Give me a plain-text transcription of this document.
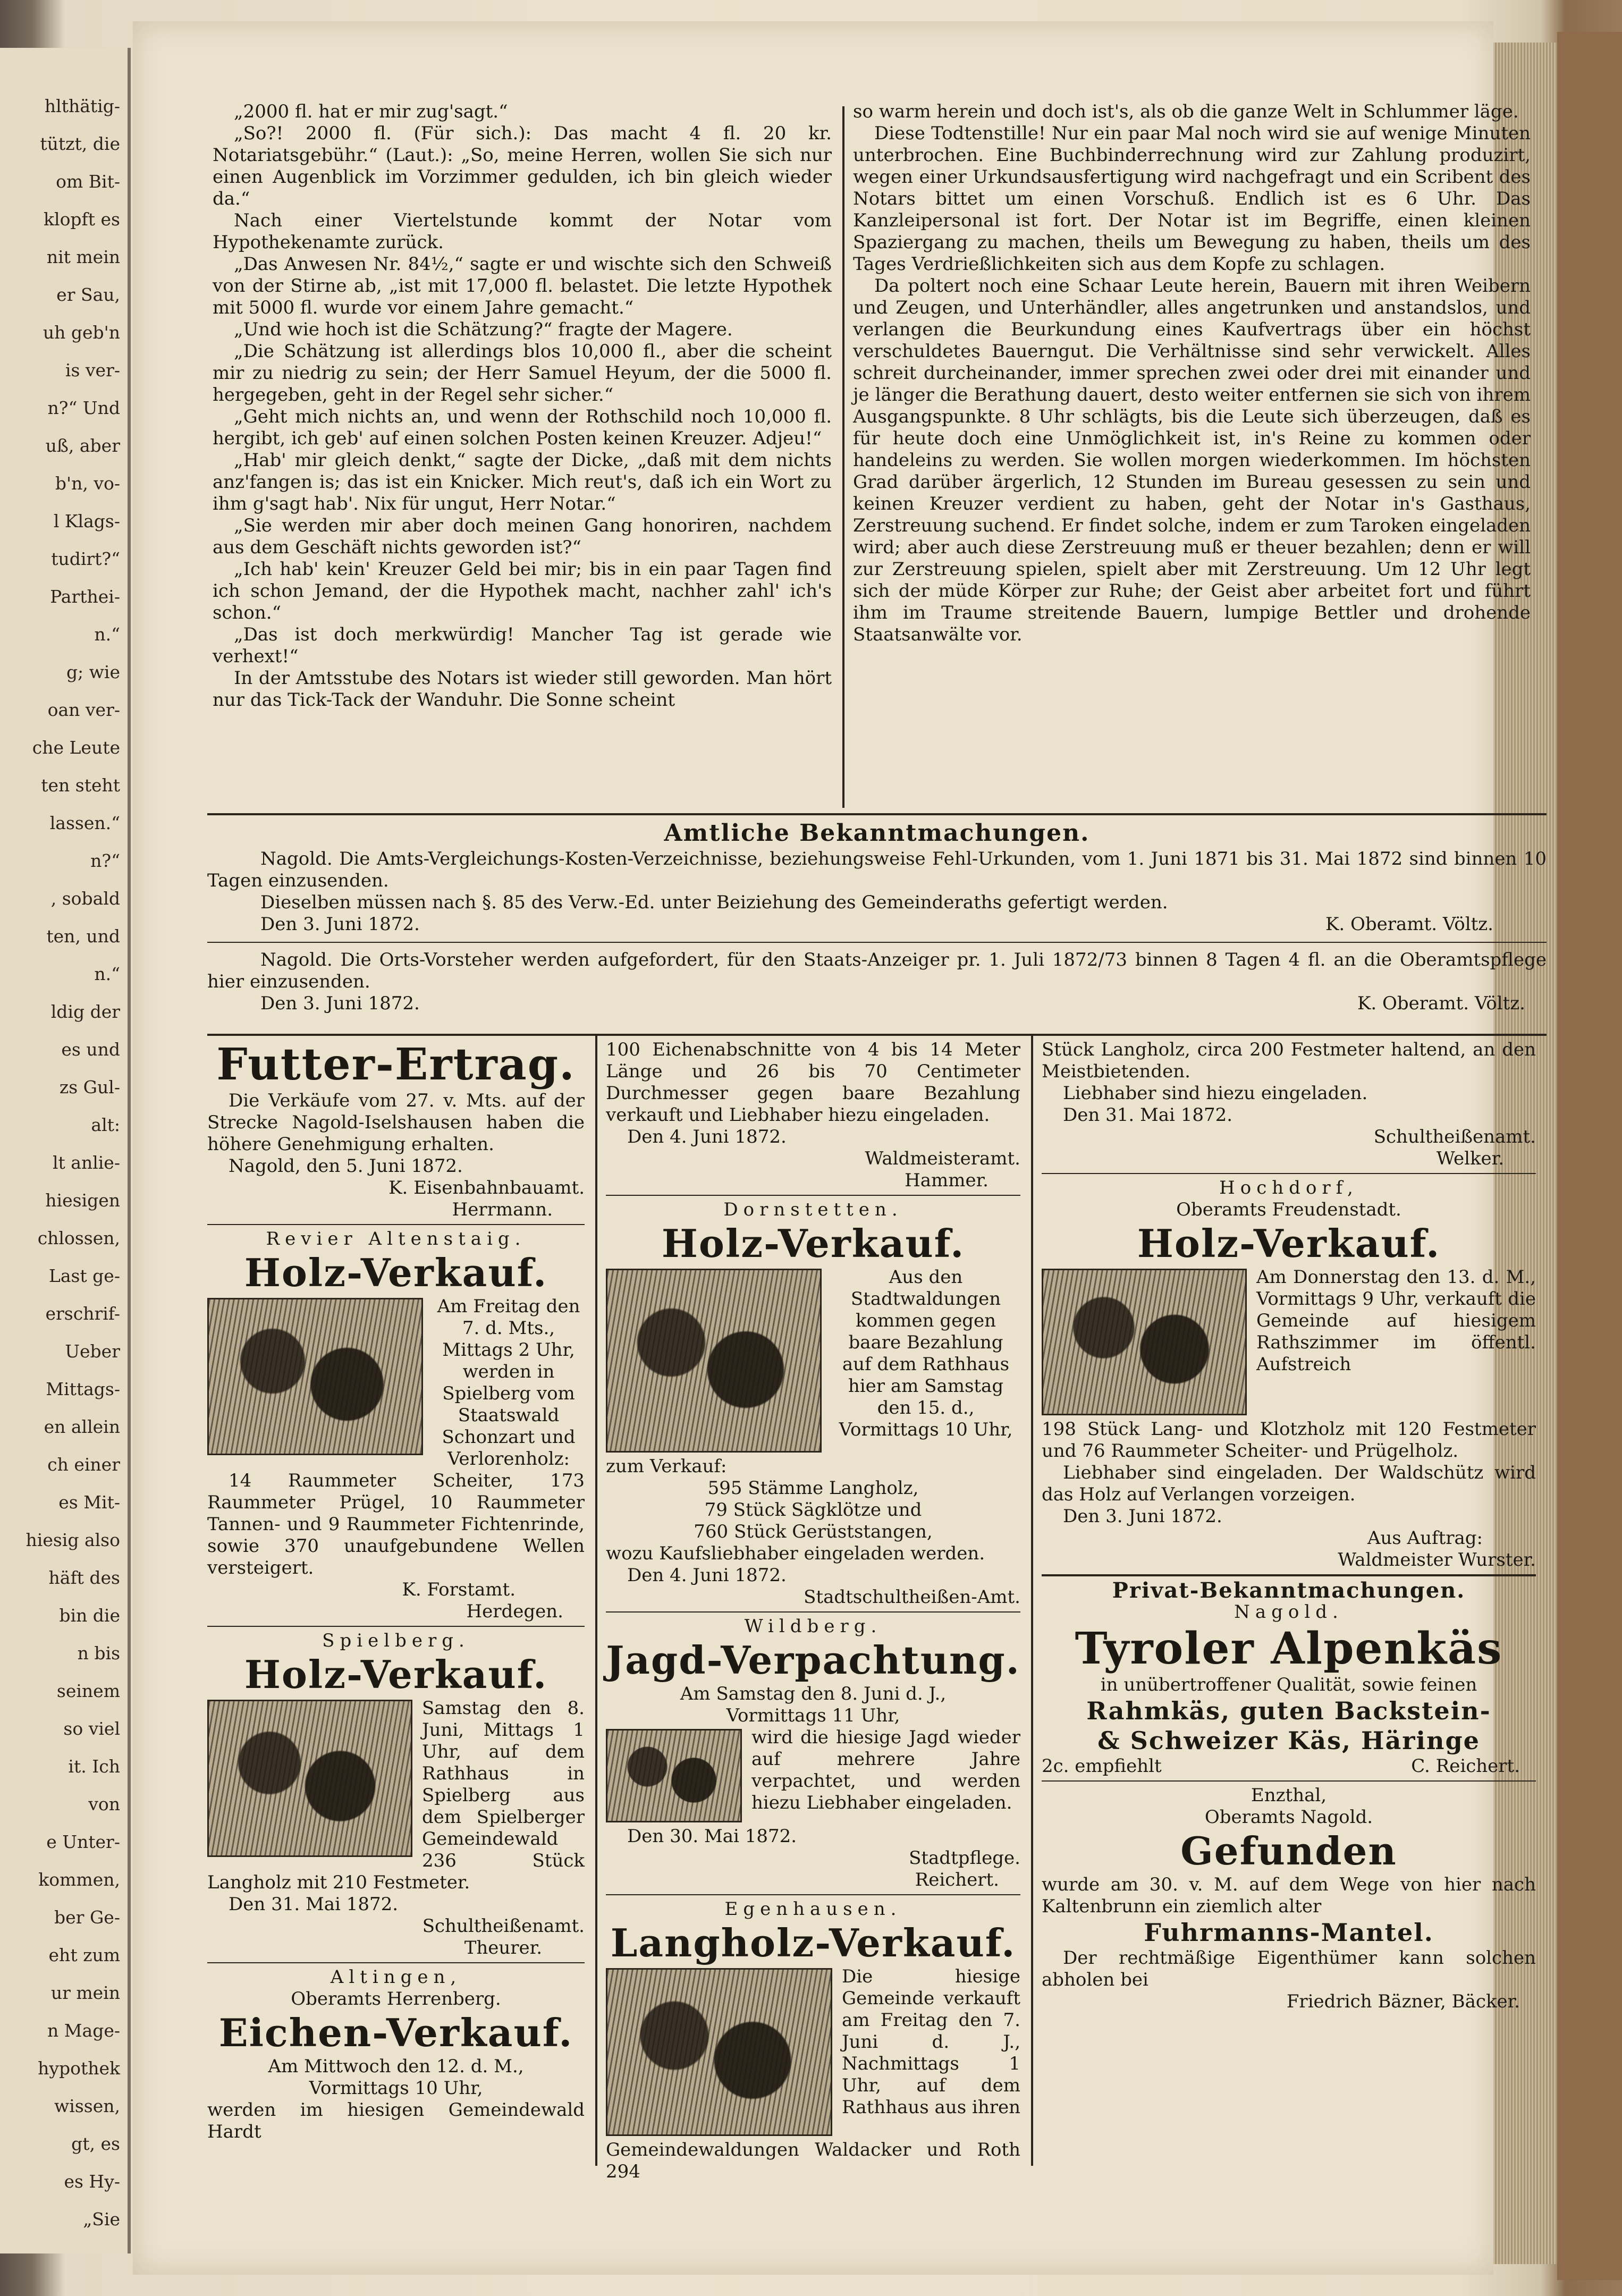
hlthätig-
tützt, die
om Bit-
klopft es
nit mein
er Sau,
uh geb'n
is ver-
n?“ Und
uß, aber
b'n, vo-
l Klags-
tudirt?“
Parthei-
n.“
g; wie
oan ver-
che Leute
ten steht
lassen.“
n?“
, sobald
ten, und
n.“
ldig der
es und
zs Gul-
alt:
lt anlie-
hiesigen
chlossen,
Last ge-
erschrif-
Ueber
Mittags-
en allein
ch einer
es Mit-
hiesig also
häft des
bin die
n bis
seinem
so viel
it. Ich
von
e Unter-
kommen,
ber Ge-
eht zum
ur mein
n Mage-
hypothek
wissen,
gt, es
es Hy-
„Sie

„2000 fl. hat er mir zug'sagt.“

„So?! 2000 fl. (Für sich.): Das macht 4 fl. 20 kr. Notariatsgebühr.“ (Laut.): „So, meine Herren, wollen Sie sich nur einen Augenblick im Vorzimmer gedulden, ich bin gleich wieder da.“

Nach einer Viertelstunde kommt der Notar vom Hypothekenamte zurück.

„Das Anwesen Nr. 84½,“ sagte er und wischte sich den Schweiß von der Stirne ab, „ist mit 17,000 fl. belastet. Die letzte Hypothek mit 5000 fl. wurde vor einem Jahre gemacht.“

„Und wie hoch ist die Schätzung?“ fragte der Magere.

„Die Schätzung ist allerdings blos 10,000 fl., aber die scheint mir zu niedrig zu sein; der Herr Samuel Heyum, der die 5000 fl. hergegeben, geht in der Regel sehr sicher.“

„Geht mich nichts an, und wenn der Rothschild noch 10,000 fl. hergibt, ich geb' auf einen solchen Posten keinen Kreuzer. Adjeu!“

„Hab' mir gleich denkt,“ sagte der Dicke, „daß mit dem nichts anz'fangen is; das ist ein Knicker. Mich reut's, daß ich ein Wort zu ihm g'sagt hab'. Nix für ungut, Herr Notar.“

„Sie werden mir aber doch meinen Gang honoriren, nachdem aus dem Geschäft nichts geworden ist?“

„Ich hab' kein' Kreuzer Geld bei mir; bis in ein paar Tagen find ich schon Jemand, der die Hypothek macht, nachher zahl' ich's schon.“

„Das ist doch merkwürdig! Mancher Tag ist gerade wie verhext!“

In der Amtsstube des Notars ist wieder still geworden. Man hört nur das Tick-Tack der Wanduhr. Die Sonne scheint

so warm herein und doch ist's, als ob die ganze Welt in Schlummer läge.

Diese Todtenstille! Nur ein paar Mal noch wird sie auf wenige Minuten unterbrochen. Eine Buchbinderrechnung wird zur Zahlung produzirt, wegen einer Urkundsausfertigung wird nachgefragt und ein Scribent des Notars bittet um einen Vorschuß. Endlich ist es 6 Uhr. Das Kanzleipersonal ist fort. Der Notar ist im Begriffe, einen kleinen Spaziergang zu machen, theils um Bewegung zu haben, theils um des Tages Verdrießlichkeiten sich aus dem Kopfe zu schlagen.

Da poltert noch eine Schaar Leute herein, Bauern mit ihren Weibern und Zeugen, und Unterhändler, alles angetrunken und anstandslos, und verlangen die Beurkundung eines Kaufvertrags über ein höchst verschuldetes Bauerngut. Die Verhältnisse sind sehr verwickelt. Alles schreit durcheinander, immer sprechen zwei oder drei mit einander und je länger die Berathung dauert, desto weiter entfernen sie sich von ihrem Ausgangspunkte. 8 Uhr schlägts, bis die Leute sich überzeugen, daß es für heute doch eine Unmöglichkeit ist, in's Reine zu kommen oder handeleins zu werden. Sie wollen morgen wiederkommen. Im höchsten Grad darüber ärgerlich, 12 Stunden im Bureau gesessen zu sein und keinen Kreuzer verdient zu haben, geht der Notar in's Gasthaus, Zerstreuung suchend. Er findet solche, indem er zum Taroken eingeladen wird; aber auch diese Zerstreuung muß er theuer bezahlen; denn er will zur Zerstreuung spielen, spielt aber mit Zerstreuung. Um 12 Uhr legt sich der müde Körper zur Ruhe; der Geist aber arbeitet fort und führt ihm im Traume streitende Bauern, lumpige Bettler und drohende Staatsanwälte vor.

Amtliche Bekanntmachungen.

Nagold. Die Amts-Vergleichungs-Kosten-Verzeichnisse, beziehungsweise Fehl-Urkunden, vom 1. Juni 1871 bis 31. Mai 1872 sind binnen 10 Tagen einzusenden.

Dieselben müssen nach §. 85 des Verw.-Ed. unter Beiziehung des Gemeinderaths gefertigt werden.

K. Oberamt. Völtz.
Den 3. Juni 1872.

Nagold. Die Orts-Vorsteher werden aufgefordert, für den Staats-Anzeiger pr. 1. Juli 1872/73 binnen 8 Tagen 4 fl. an die Oberamtspflege hier einzusenden.

Den 3. Juni 1872.	K. Oberamt. Völtz.
Futter-Ertrag.

Die Verkäufe vom 27. v. Mts. auf der Strecke Nagold-Iselshausen haben die höhere Genehmigung erhalten.

Nagold, den 5. Juni 1872.

K. Eisenbahnbauamt.
Herrmann.
Revier Altenstaig.
Holz-Verkauf.

Am Freitag den 7. d. Mts., Mittags 2 Uhr, werden in Spielberg vom Staatswald Schonzart und Verlorenholz:

14 Raummeter Scheiter, 173 Raummeter Prügel, 10 Raummeter Tannen- und 9 Raummeter Fichtenrinde, sowie 370 unaufgebundene Wellen versteigert.

K. Forstamt.
Herdegen.
Spielberg.
Holz-Verkauf.

Samstag den 8. Juni, Mittags 1 Uhr, auf dem Rathhaus in Spielberg aus dem Spielberger Gemeindewald 236 Stück Langholz mit 210 Festmeter.

Den 31. Mai 1872.

Schultheißenamt.
Theurer.
Altingen,
Oberamts Herrenberg.
Eichen-Verkauf.
Am Mittwoch den 12. d. M.,
Vormittags 10 Uhr,
werden im hiesigen Gemeindewald Hardt

100 Eichenabschnitte von 4 bis 14 Meter Länge und 26 bis 70 Centimeter Durchmesser gegen baare Bezahlung verkauft und Liebhaber hiezu eingeladen.

Den 4. Juni 1872.
Waldmeisteramt.
Hammer.
Dornstetten.
Holz-Verkauf.

Aus den Stadtwaldungen kommen gegen baare Bezahlung auf dem Rathhaus hier am Samstag den 15. d., Vormittags 10 Uhr,

zum Verkauf:

595 Stämme Langholz,
79 Stück Sägklötze und
760 Stück Gerüststangen,

wozu Kaufsliebhaber eingeladen werden.

Den 4. Juni 1872.
Stadtschultheißen-Amt.
Wildberg.
Jagd-Verpachtung.
Am Samstag den 8. Juni d. J.,
Vormittags 11 Uhr,

wird die hiesige Jagd wieder auf mehrere Jahre verpachtet, und werden hiezu Liebhaber eingeladen.

Den 30. Mai 1872.
Stadtpflege.
Reichert.
Egenhausen.
Langholz-Verkauf.

Die hiesige Gemeinde verkauft am Freitag den 7. Juni d. J., Nachmittags 1 Uhr, auf dem Rathhaus aus ihren Gemeindewaldungen Waldacker und Roth 294

Stück Langholz, circa 200 Festmeter haltend, an den Meistbietenden.

Liebhaber sind hiezu eingeladen.
Den 31. Mai 1872.
Schultheißenamt.
Welker.
Hochdorf,
Oberamts Freudenstadt.
Holz-Verkauf.

Am Donnerstag den 13. d. M., Vormittags 9 Uhr, verkauft die Gemeinde auf hiesigem Rathszimmer im öffentl. Aufstreich

198 Stück Lang- und Klotzholz mit 120 Festmeter und 76 Raummeter Scheiter- und Prügelholz.

Liebhaber sind eingeladen. Der Waldschütz wird das Holz auf Verlangen vorzeigen.

Den 3. Juni 1872.
Aus Auftrag:
Waldmeister Wurster.
Privat-Bekanntmachungen.
Nagold.
Tyroler Alpenkäs
in unübertroffener Qualität, sowie feinen
Rahmkäs, guten Backstein-
& Schweizer Käs, Häringe
2c. empfiehlt	C. Reichert.
Enzthal,
Oberamts Nagold.
Gefunden

wurde am 30. v. M. auf dem Wege von hier nach Kaltenbrunn ein ziemlich alter

Fuhrmanns-Mantel.

Der rechtmäßige Eigenthümer kann solchen abholen bei

Friedrich Bäzner, Bäcker.
